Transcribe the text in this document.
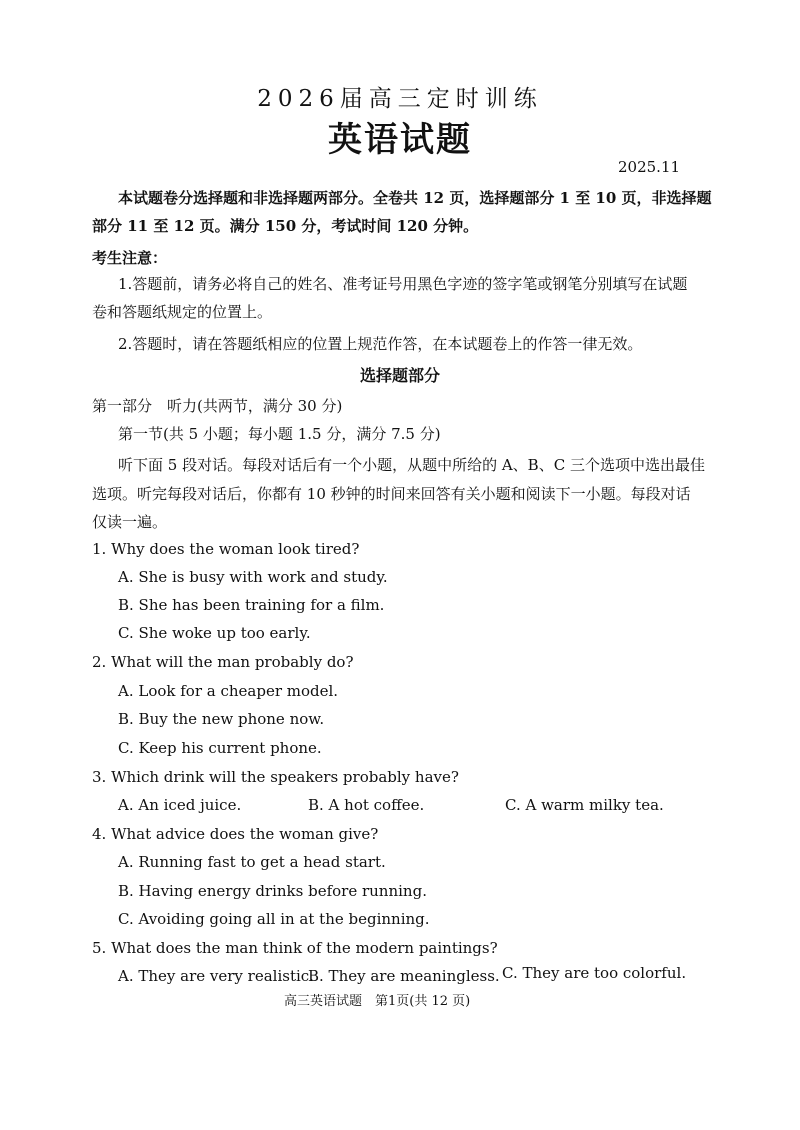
2026届高三定时训练
英语试题
2025.11
本试题卷分选择题和非选择题两部分。全卷共 12 页，选择题部分 1 至 10 页，非选择题
部分 11 至 12 页。满分 150 分，考试时间 120 分钟。
考生注意：
1.答题前，请务必将自己的姓名、准考证号用黑色字迹的签字笔或钢笔分别填写在试题
卷和答题纸规定的位置上。
2.答题时，请在答题纸相应的位置上规范作答，在本试题卷上的作答一律无效。
选择题部分
第一部分　听力(共两节，满分 30 分)
第一节(共 5 小题；每小题 1.5 分，满分 7.5 分)
听下面 5 段对话。每段对话后有一个小题，从题中所给的 A、B、C 三个选项中选出最佳
选项。听完每段对话后，你都有 10 秒钟的时间来回答有关小题和阅读下一小题。每段对话
仅读一遍。
1. Why does the woman look tired?
A. She is busy with work and study.
B. She has been training for a film.
C. She woke up too early.
2. What will the man probably do?
A. Look for a cheaper model.
B. Buy the new phone now.
C. Keep his current phone.
3. Which drink will the speakers probably have?
A. An iced juice.	B. A hot coffee.	C. A warm milky tea.
4. What advice does the woman give?
A. Running fast to get a head start.
B. Having energy drinks before running.
C. Avoiding going all in at the beginning.
5. What does the man think of the modern paintings?
A. They are very realistic.
B. They are meaningless. C. They are too colorful.
高三英语试题　第1页(共 12 页)
